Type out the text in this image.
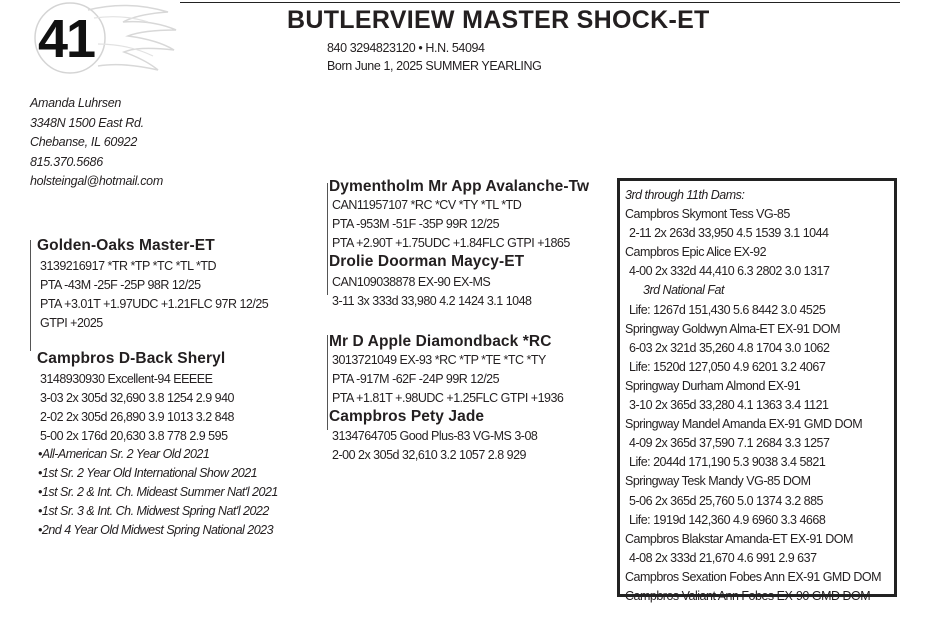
41	BUTLERVIEW MASTER SHOCK-ET
840 3294823120 • H.N. 54094
Born June 1, 2025 SUMMER YEARLING
Amanda Luhrsen
3348N 1500 East Rd.
Chebanse, IL 60922
815.370.5686
holsteingal@hotmail.com
Golden-Oaks Master-ET
3139216917 *TR *TP *TC *TL *TD
PTA -43M -25F -25P 98R 12/25
PTA +3.01T +1.97UDC +1.21FLC 97R 12/25
GTPI +2025
Campbros D-Back Sheryl
3148930930 Excellent-94 EEEEE
3-03 2x 305d 32,690 3.8 1254 2.9 940
2-02 2x 305d 26,890 3.9 1013 3.2 848
5-00 2x 176d 20,630 3.8 778 2.9 595
•All-American Sr. 2 Year Old 2021
•1st Sr. 2 Year Old International Show 2021
•1st Sr. 2 & Int. Ch. Mideast Summer Nat'l 2021
•1st Sr. 3 & Int. Ch. Midwest Spring Nat'l 2022
•2nd 4 Year Old Midwest Spring National 2023
Dymentholm Mr App Avalanche-Tw
CAN11957107 *RC *CV *TY *TL *TD
PTA -953M -51F -35P 99R 12/25
PTA +2.90T +1.75UDC +1.84FLC GTPI +1865
Drolie Doorman Maycy-ET
CAN109038878 EX-90 EX-MS
3-11 3x 333d 33,980 4.2 1424 3.1 1048
Mr D Apple Diamondback *RC
3013721049 EX-93 *RC *TP *TE *TC *TY
PTA -917M -62F -24P 99R 12/25
PTA +1.81T +.98UDC +1.25FLC GTPI +1936
Campbros Pety Jade
3134764705 Good Plus-83 VG-MS 3-08
2-00 2x 305d 32,610 3.2 1057 2.8 929
3rd through 11th Dams:
Campbros Skymont Tess VG-85
2-11 2x 263d 33,950 4.5 1539 3.1 1044
Campbros Epic Alice EX-92
4-00 2x 332d 44,410 6.3 2802 3.0 1317
3rd National Fat
Life: 1267d 151,430 5.6 8442 3.0 4525
Springway Goldwyn Alma-ET EX-91 DOM
6-03 2x 321d 35,260 4.8 1704 3.0 1062
Life: 1520d 127,050 4.9 6201 3.2 4067
Springway Durham Almond EX-91
3-10 2x 365d 33,280 4.1 1363 3.4 1121
Springway Mandel Amanda EX-91 GMD DOM
4-09 2x 365d 37,590 7.1 2684 3.3 1257
Life: 2044d 171,190 5.3 9038 3.4 5821
Springway Tesk Mandy VG-85 DOM
5-06 2x 365d 25,760 5.0 1374 3.2 885
Life: 1919d 142,360 4.9 6960 3.3 4668
Campbros Blakstar Amanda-ET EX-91 DOM
4-08 2x 333d 21,670 4.6 991 2.9 637
Campbros Sexation Fobes Ann EX-91 GMD DOM
Campbros Valiant Ann Fobes EX-90 GMD DOM
